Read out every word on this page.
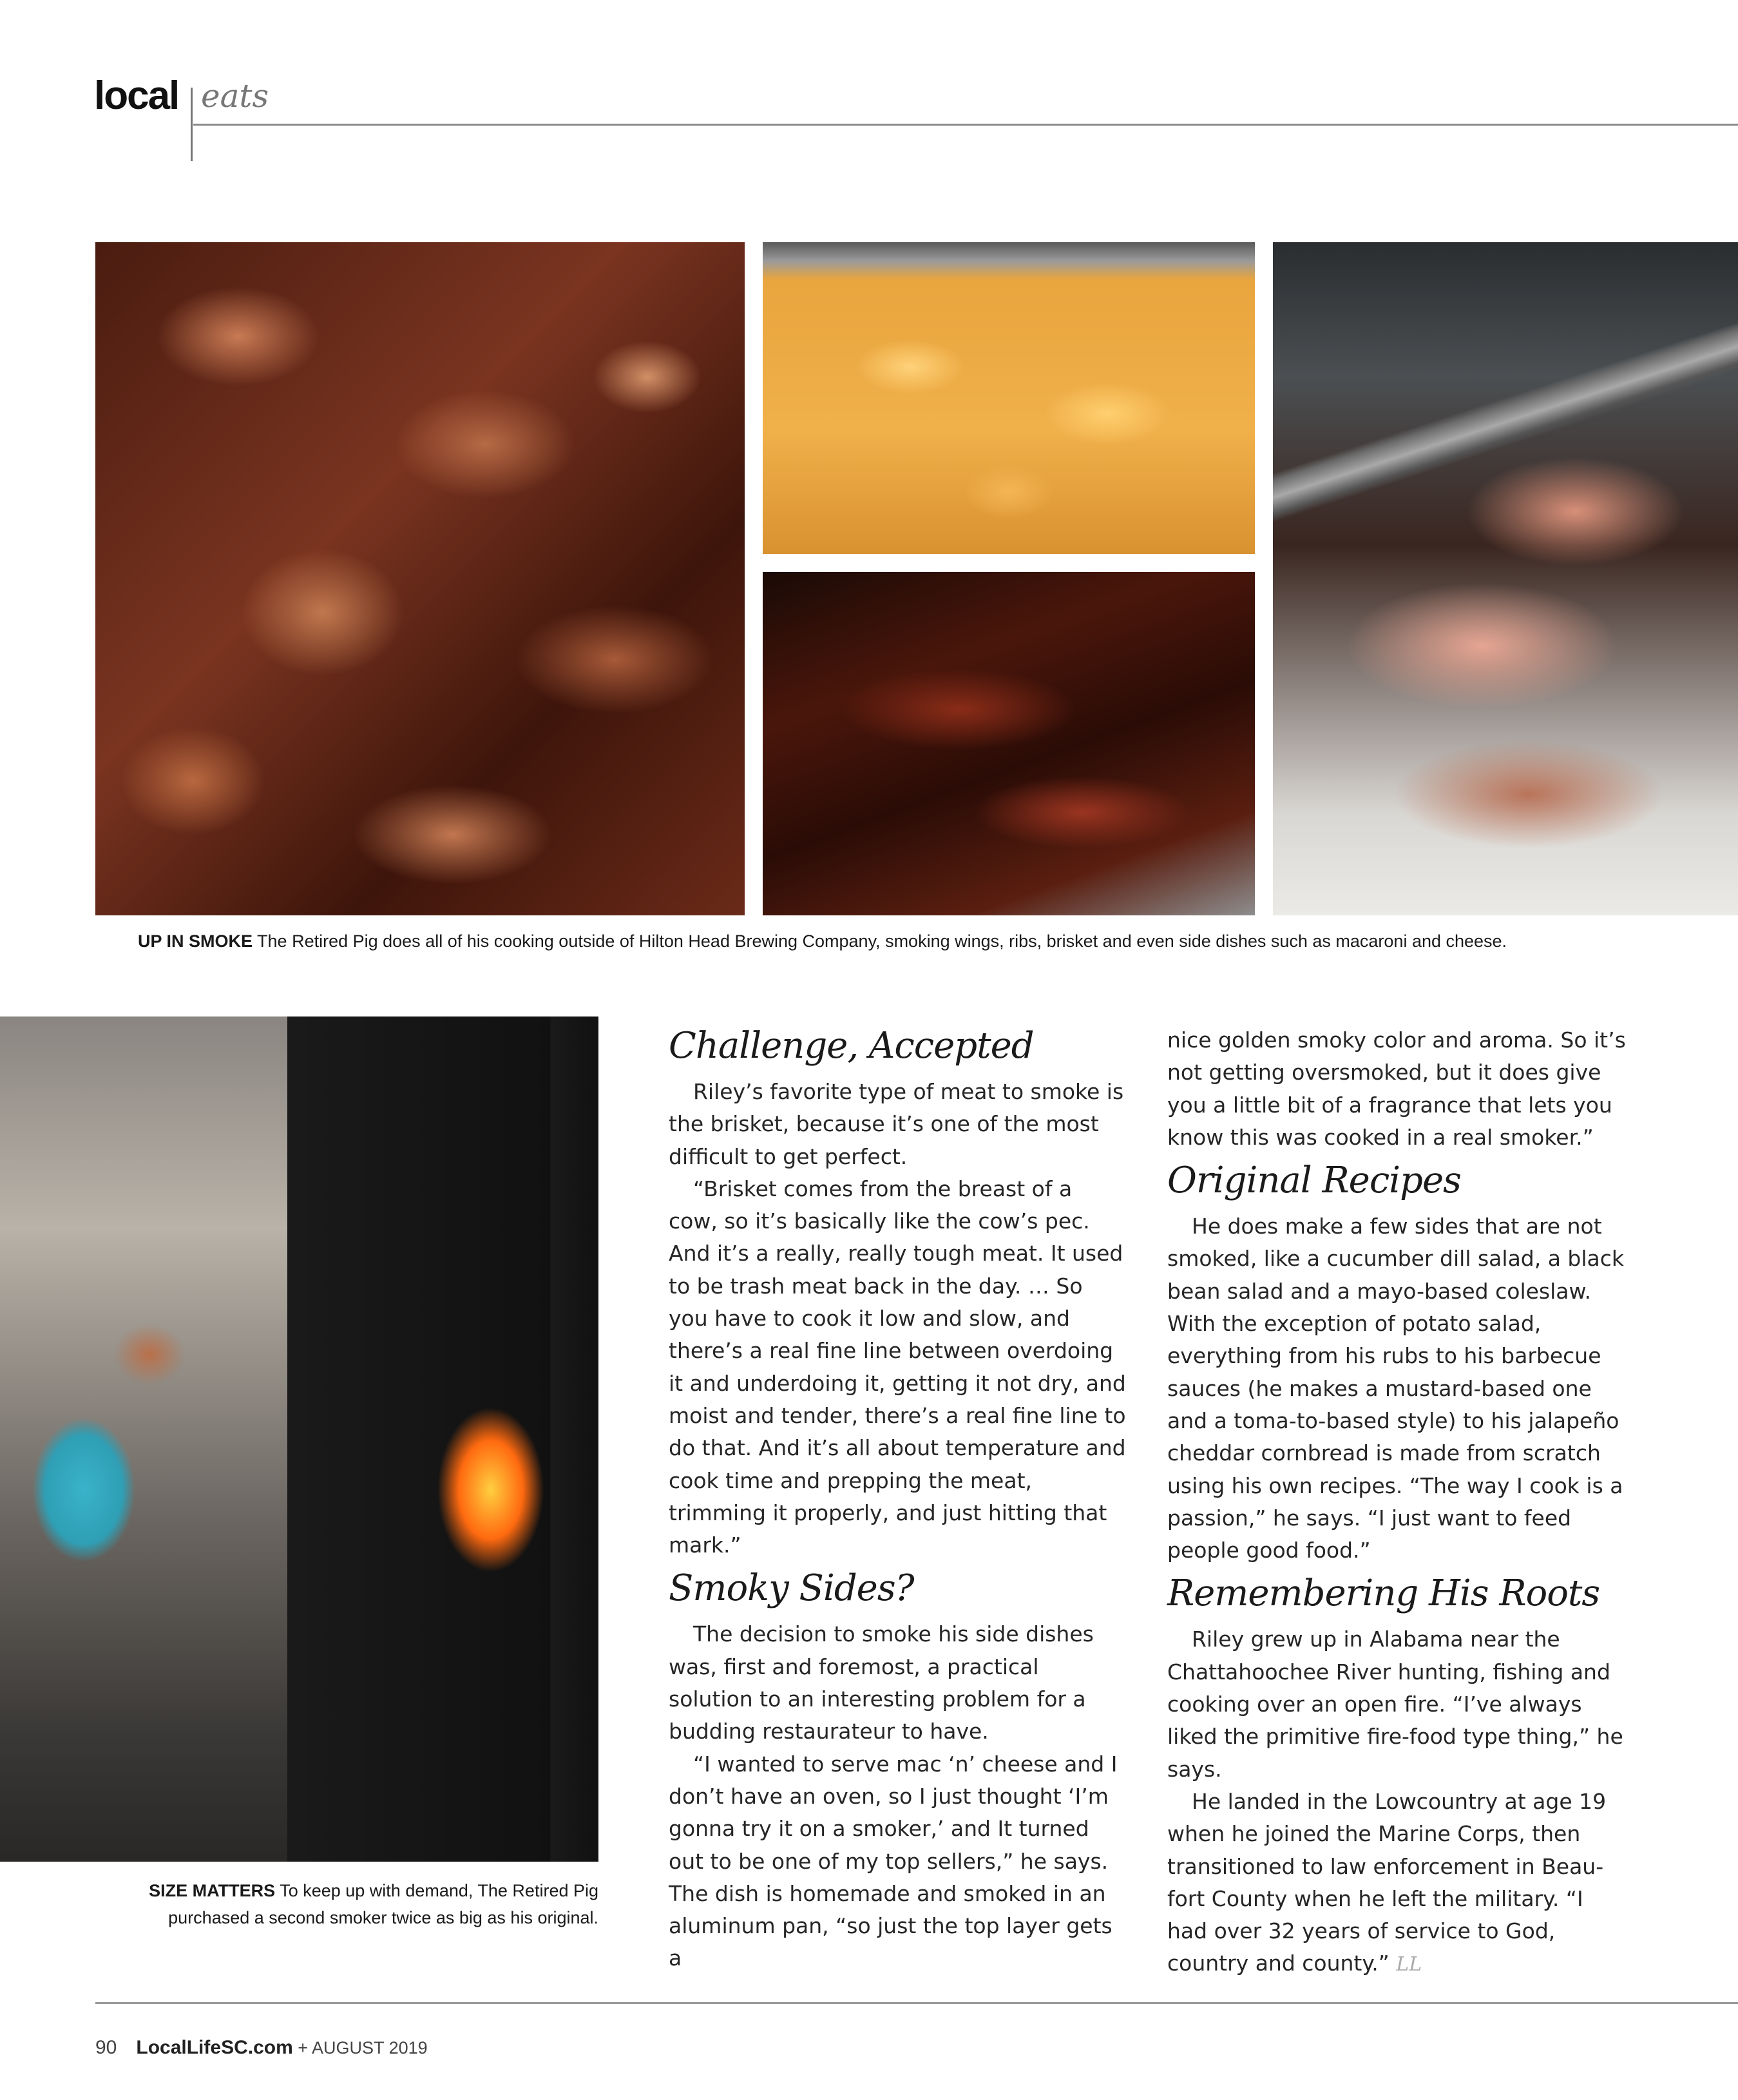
local eats
UP IN SMOKE The Retired Pig does all of his cooking outside of Hilton Head Brewing Company, smoking wings, ribs, brisket and even side dishes such as macaroni and cheese.
SIZE MATTERS To keep up with demand, The Retired Pig
purchased a second smoker twice as big as his original.
Challenge, Accepted

Riley’s favorite type of meat to smoke is the brisket, because it’s one of the most difficult to get perfect.

“Brisket comes from the breast of a cow, so it’s basically like the cow’s pec. And it’s a really, really tough meat. It used to be trash meat back in the day. … So you have to cook it low and slow, and there’s a real fine line between overdoing it and underdoing it, getting it not dry, and moist and tender, there’s a real fine line to do that. And it’s all about temperature and cook time and prepping the meat, trimming it properly, and just hitting that mark.”

Smoky Sides?

The decision to smoke his side dishes was, first and foremost, a practical solution to an interesting problem for a budding restaurateur to have.

“I wanted to serve mac ‘n’ cheese and I don’t have an oven, so I just thought ‘I’m gonna try it on a smoker,’ and It turned out to be one of my top sellers,” he says. The dish is homemade and smoked in an aluminum pan, “so just the top layer gets a

nice golden smoky color and aroma. So it’s not getting oversmoked, but it does give you a little bit of a fragrance that lets you know this was cooked in a real smoker.”

Original Recipes

He does make a few sides that are not smoked, like a cucumber dill salad, a black bean salad and a mayo-based coleslaw. With the exception of potato salad, everything from his rubs to his barbecue sauces (he makes a mustard-based one and a toma-to-based style) to his jalapeño cheddar cornbread is made from scratch using his own recipes. “The way I cook is a passion,” he says. “I just want to feed people good food.”

Remembering His Roots

Riley grew up in Alabama near the Chattahoochee River hunting, fishing and cooking over an open fire. “I’ve always liked the primitive fire-food type thing,” he says.

He landed in the Lowcountry at age 19 when he joined the Marine Corps, then transitioned to law enforcement in Beau-fort County when he left the military. “I had over 32 years of service to God, country and county.” LL

90 LocalLifeSC.com + AUGUST 2019
